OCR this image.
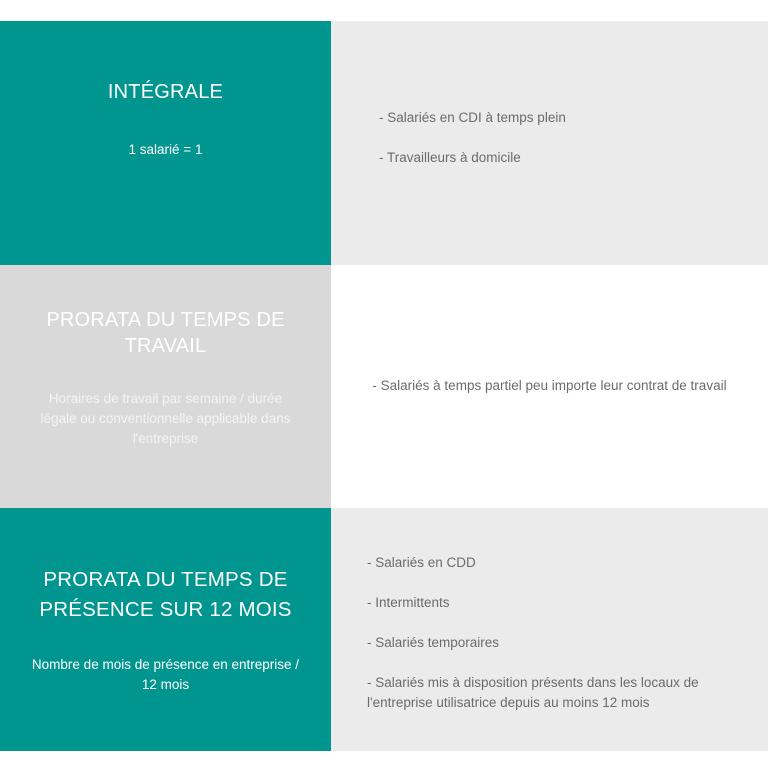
INTÉGRALE
1 salarié = 1
- Salariés en CDI à temps plein
- Travailleurs à domicile
PRORATA DU TEMPS DE TRAVAIL
Horaires de travail par semaine / durée légale ou conventionnelle applicable dans l'entreprise
- Salariés à temps partiel peu importe leur contrat de travail
PRORATA DU TEMPS DE PRÉSENCE SUR 12 MOIS
Nombre de mois de présence en entreprise / 12 mois
- Salariés en CDD
- Intermittents
- Salariés temporaires
- Salariés mis à disposition présents dans les locaux de l'entreprise utilisatrice depuis au moins 12 mois
